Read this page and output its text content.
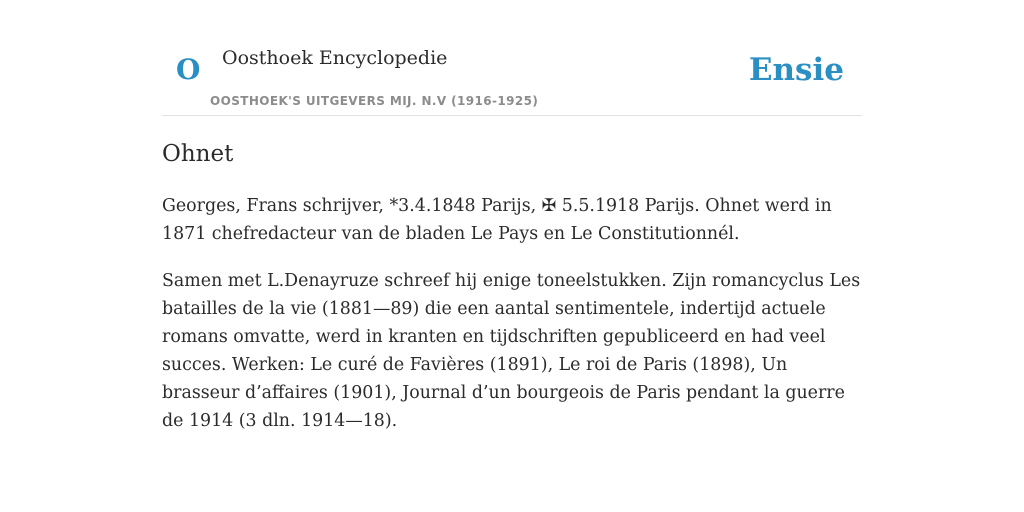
O Oosthoek Encyclopedie
OOSTHOEK'S UITGEVERS MIJ. N.V (1916-1925)
Ensie
Ohnet

Georges, Frans schrijver, *3.4.1848 Parijs, ✠ 5.5.1918 Parijs. Ohnet werd in 1871 chefredacteur van de bladen Le Pays en Le Constitutionnél.

Samen met L.Denayruze schreef hij enige toneelstukken. Zijn romancyclus Les batailles de la vie (1881—89) die een aantal sentimentele, indertijd actuele romans omvatte, werd in kranten en tijdschriften gepubliceerd en had veel succes. Werken: Le curé de Favières (1891), Le roi de Paris (1898), Un brasseur d’affaires (1901), Journal d’un bourgeois de Paris pendant la guerre de 1914 (3 dln. 1914—18).
